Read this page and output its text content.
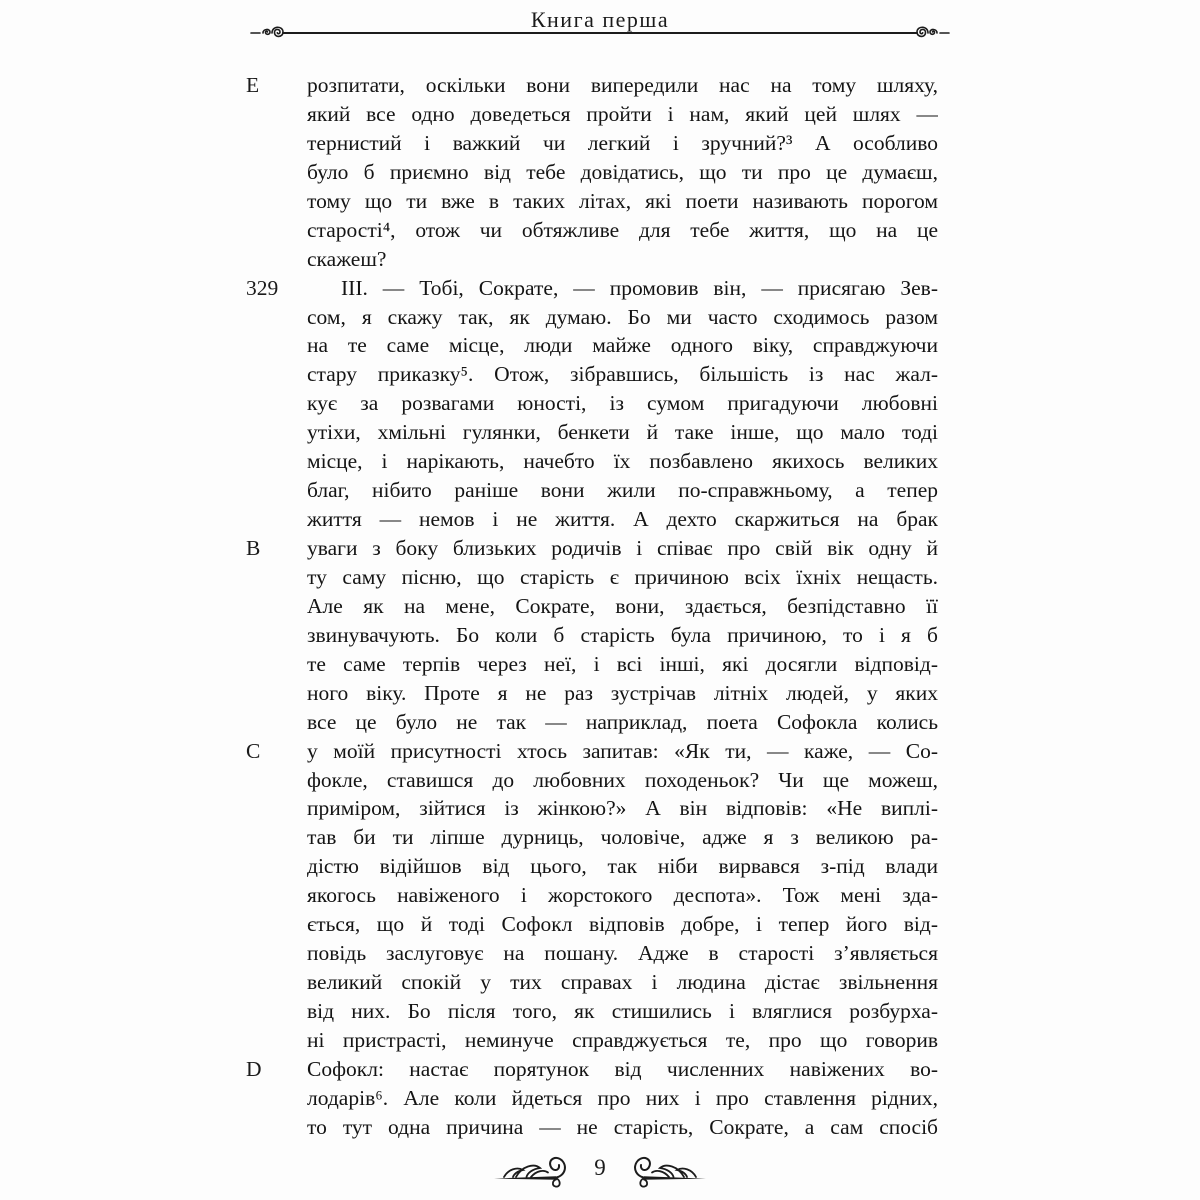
Книга перша
E
329
B
C
D
розпитати, оскільки вони випередили нас на тому шляху,
який все одно доведеться пройти і нам, який цей шлях —
тернистий і важкий чи легкий і зручний?³ А особливо
було б приємно від тебе довідатись, що ти про це думаєш,
тому що ти вже в таких літах, які поети називають порогом
старості⁴, отож чи обтяжливе для тебе життя, що на це
скажеш?
III. — Тобі, Сократе, — промовив він, — присягаю Зев-
сом, я скажу так, як думаю. Бо ми часто сходимось разом
на те саме місце, люди майже одного віку, справджуючи
стару приказку⁵. Отож, зібравшись, більшість із нас жал-
кує за розвагами юності, із сумом пригадуючи любовні
утіхи, хмільні гулянки, бенкети й таке інше, що мало тоді
місце, і нарікають, начебто їх позбавлено якихось великих
благ, нібито раніше вони жили по-справжньому, а тепер
життя — немов і не життя. А дехто скаржиться на брак
уваги з боку близьких родичів і співає про свій вік одну й
ту саму пісню, що старість є причиною всіх їхніх нещасть.
Але як на мене, Сократе, вони, здається, безпідставно її
звинувачують. Бо коли б старість була причиною, то і я б
те саме терпів через неї, і всі інші, які досягли відповід-
ного віку. Проте я не раз зустрічав літніх людей, у яких
все це було не так — наприклад, поета Софокла колись
у моїй присутності хтось запитав: «Як ти, — каже, — Со-
фокле, ставишся до любовних походеньок? Чи ще можеш,
приміром, зійтися із жінкою?» А він відповів: «Не виплі-
тав би ти ліпше дурниць, чоловіче, адже я з великою ра-
дістю відійшов від цього, так ніби вирвався з-під влади
якогось навіженого і жорстокого деспота». Тож мені зда-
ється, що й тоді Софокл відповів добре, і тепер його від-
повідь заслуговує на пошану. Адже в старості з’являється
великий спокій у тих справах і людина дістає звільнення
від них. Бо після того, як стишились і вляглися розбурха-
ні пристрасті, неминуче справджується те, про що говорив
Софокл: настає порятунок від численних навіжених во-
лодарів⁶. Але коли йдеться про них і про ставлення рідних,
то тут одна причина — не старість, Сократе, а сам спосіб
9
